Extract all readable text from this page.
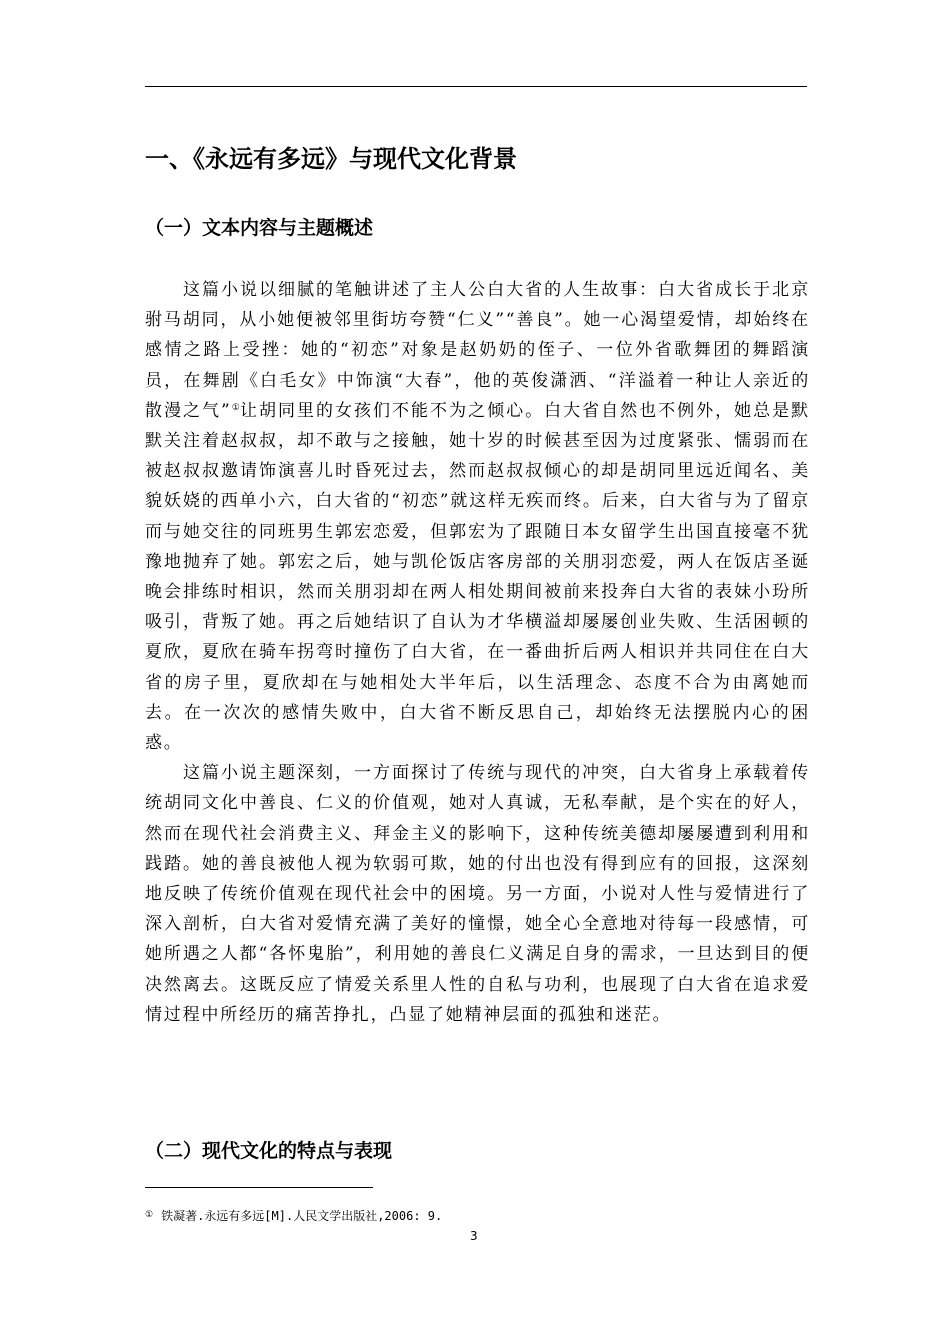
一、《永远有多远》与现代文化背景
（一）文本内容与主题概述

这篇小说以细腻的笔触讲述了主人公白大省的人生故事：白大省成长于北京驸马胡同，从小她便被邻里街坊夸赞“仁义”“善良”。她一心渴望爱情，却始终在感情之路上受挫：她的“初恋”对象是赵奶奶的侄子、一位外省歌舞团的舞蹈演员，在舞剧《白毛女》中饰演“大春”，他的英俊潇洒、“洋溢着一种让人亲近的散漫之气”①让胡同里的女孩们不能不为之倾心。白大省自然也不例外，她总是默默关注着赵叔叔，却不敢与之接触，她十岁的时候甚至因为过度紧张、懦弱而在被赵叔叔邀请饰演喜儿时昏死过去，然而赵叔叔倾心的却是胡同里远近闻名、美貌妖娆的西单小六，白大省的“初恋”就这样无疾而终。后来，白大省与为了留京而与她交往的同班男生郭宏恋爱，但郭宏为了跟随日本女留学生出国直接毫不犹豫地抛弃了她。郭宏之后，她与凯伦饭店客房部的关朋羽恋爱，两人在饭店圣诞晚会排练时相识，然而关朋羽却在两人相处期间被前来投奔白大省的表妹小玢所吸引，背叛了她。再之后她结识了自认为才华横溢却屡屡创业失败、生活困顿的夏欣，夏欣在骑车拐弯时撞伤了白大省，在一番曲折后两人相识并共同住在白大省的房子里，夏欣却在与她相处大半年后，以生活理念、态度不合为由离她而去。在一次次的感情失败中，白大省不断反思自己，却始终无法摆脱内心的困惑。

这篇小说主题深刻，一方面探讨了传统与现代的冲突，白大省身上承载着传统胡同文化中善良、仁义的价值观，她对人真诚，无私奉献，是个实在的好人，然而在现代社会消费主义、拜金主义的影响下，这种传统美德却屡屡遭到利用和践踏。她的善良被他人视为软弱可欺，她的付出也没有得到应有的回报，这深刻地反映了传统价值观在现代社会中的困境。另一方面，小说对人性与爱情进行了深入剖析，白大省对爱情充满了美好的憧憬，她全心全意地对待每一段感情，可她所遇之人都“各怀鬼胎”，利用她的善良仁义满足自身的需求，一旦达到目的便决然离去。这既反应了情爱关系里人性的自私与功利，也展现了白大省在追求爱情过程中所经历的痛苦挣扎，凸显了她精神层面的孤独和迷茫。

（二）现代文化的特点与表现
① 铁凝著.永远有多远[M].人民文学出版社,2006: 9.
3
